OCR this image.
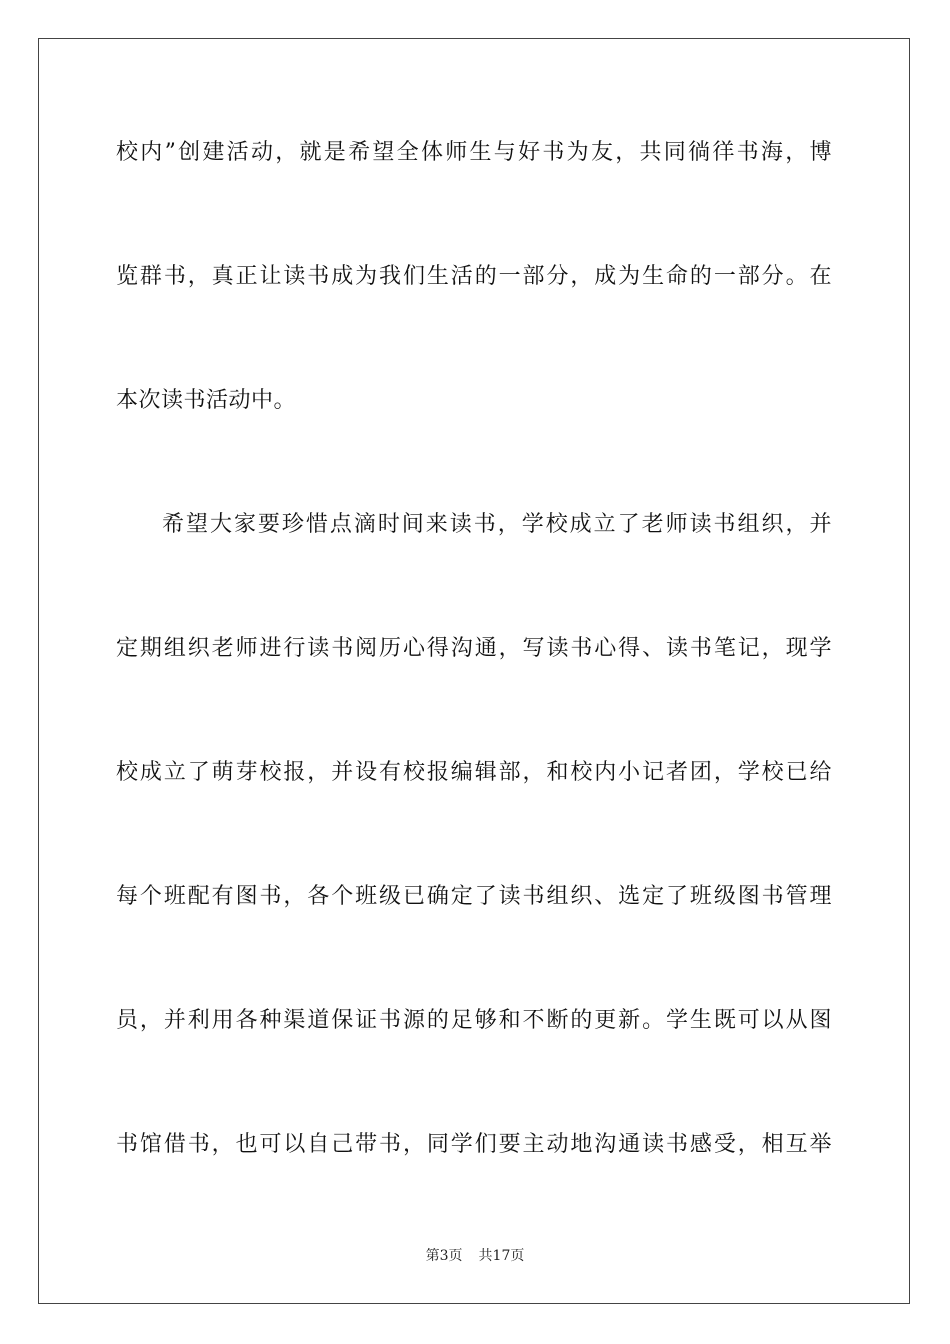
校内”创建活动，就是希望全体师生与好书为友，共同徜徉书海，博
览群书，真正让读书成为我们生活的一部分，成为生命的一部分。在
本次读书活动中。
希望大家要珍惜点滴时间来读书，学校成立了老师读书组织，并
定期组织老师进行读书阅历心得沟通，写读书心得、读书笔记，现学
校成立了萌芽校报，并设有校报编辑部，和校内小记者团，学校已给
每个班配有图书，各个班级已确定了读书组织、选定了班级图书管理
员，并利用各种渠道保证书源的足够和不断的更新。学生既可以从图
书馆借书，也可以自己带书，同学们要主动地沟通读书感受，相互举
第3页 共17页
